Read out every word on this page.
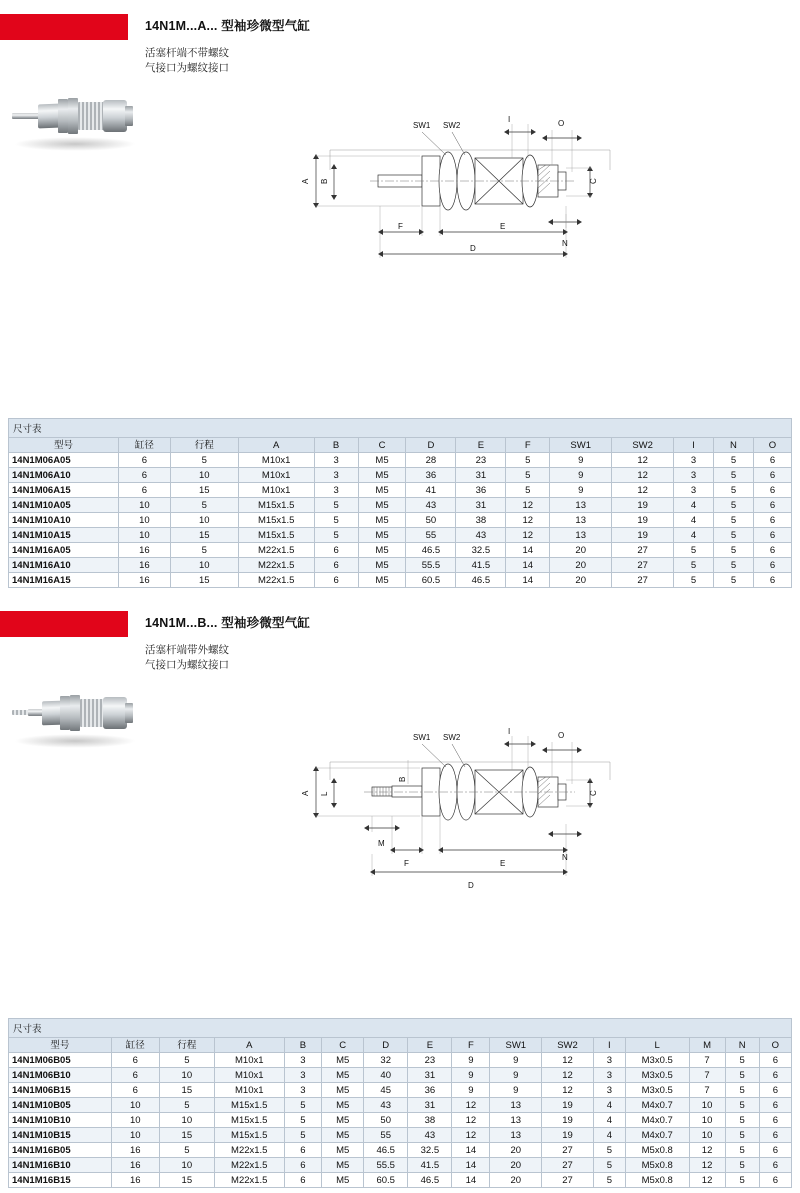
14N1M...A... 型袖珍微型气缸
活塞杆端不带螺纹
气接口为螺纹接口
SW1 SW2
I	O
A B	C
N
F	E
D
尺寸表
型号	缸径	行程	A	B	C	D	E	F	SW1	SW2	I	N	O
14N1M06A05	6	5	M10x1	3	M5	28	23	5	9	12	3	5	6
14N1M06A10	6	10	M10x1	3	M5	36	31	5	9	12	3	5	6
14N1M06A15	6	15	M10x1	3	M5	41	36	5	9	12	3	5	6
14N1M10A05	10	5	M15x1.5	5	M5	43	31	12	13	19	4	5	6
14N1M10A10	10	10	M15x1.5	5	M5	50	38	12	13	19	4	5	6
14N1M10A15	10	15	M15x1.5	5	M5	55	43	12	13	19	4	5	6
14N1M16A05	16	5	M22x1.5	6	M5	46.5	32.5	14	20	27	5	5	6
14N1M16A10	16	10	M22x1.5	6	M5	55.5	41.5	14	20	27	5	5	6
14N1M16A15	16	15	M22x1.5	6	M5	60.5	46.5	14	20	27	5	5	6
14N1M...B... 型袖珍微型气缸
活塞杆端带外螺纹
气接口为螺纹接口
SW1 SW2
I	O
A L
B
C
M
N
F	E
D
尺寸表
型号	缸径	行程	A	B	C	D	E	F	SW1	SW2	I	L	M	N	O
14N1M06B05	6	5	M10x1	3	M5	32	23	9	9	12	3	M3x0.5	7	5	6
14N1M06B10	6	10	M10x1	3	M5	40	31	9	9	12	3	M3x0.5	7	5	6
14N1M06B15	6	15	M10x1	3	M5	45	36	9	9	12	3	M3x0.5	7	5	6
14N1M10B05	10	5	M15x1.5	5	M5	43	31	12	13	19	4	M4x0.7	10	5	6
14N1M10B10	10	10	M15x1.5	5	M5	50	38	12	13	19	4	M4x0.7	10	5	6
14N1M10B15	10	15	M15x1.5	5	M5	55	43	12	13	19	4	M4x0.7	10	5	6
14N1M16B05	16	5	M22x1.5	6	M5	46.5	32.5	14	20	27	5	M5x0.8	12	5	6
14N1M16B10	16	10	M22x1.5	6	M5	55.5	41.5	14	20	27	5	M5x0.8	12	5	6
14N1M16B15	16	15	M22x1.5	6	M5	60.5	46.5	14	20	27	5	M5x0.8	12	5	6
